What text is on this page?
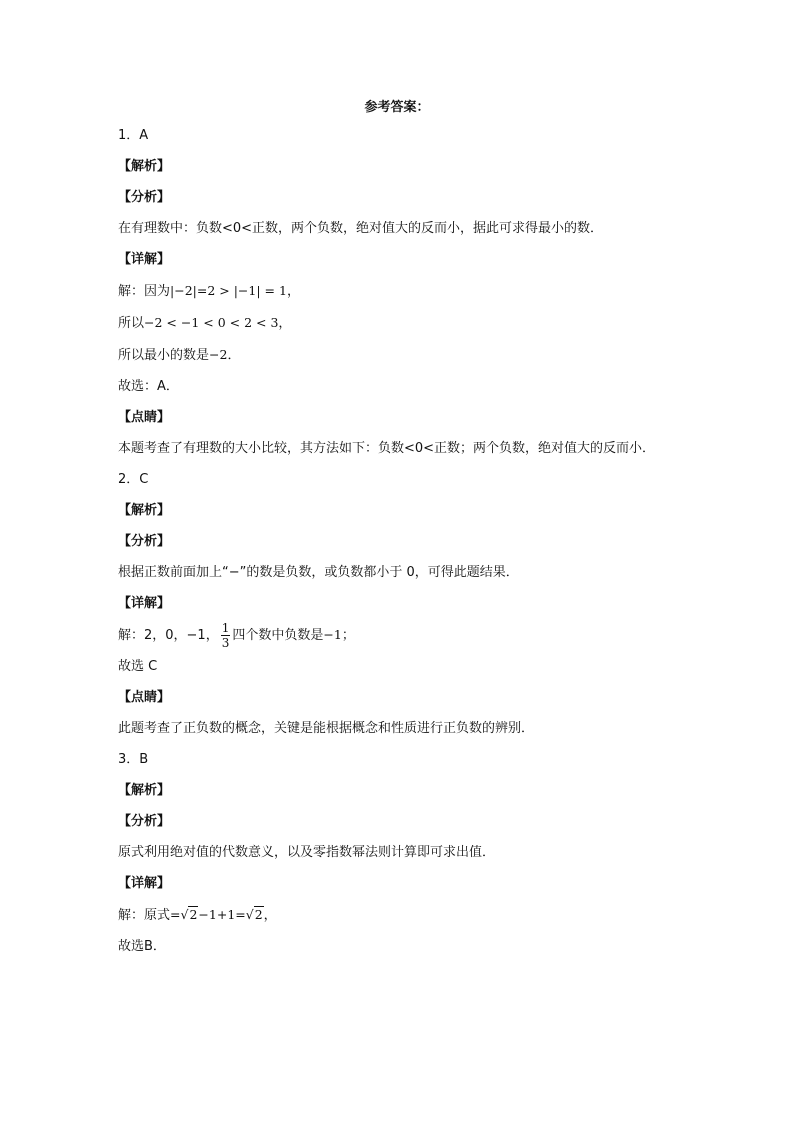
参考答案：
1．A
【解析】
【分析】
在有理数中：负数<0<正数，两个负数，绝对值大的反而小，据此可求得最小的数．
【详解】
解：因为|−2|=2 > |−1| = 1，
所以−2 < −1 < 0 < 2 < 3，
所以最小的数是−2．
故选：A．
【点睛】
本题考查了有理数的大小比较，其方法如下：负数<0<正数；两个负数，绝对值大的反而小．
2．C
【解析】
【分析】
根据正数前面加上“−”的数是负数，或负数都小于 0，可得此题结果．
【详解】
解：2，0，−1， $\frac{1}{3}$ 四个数中负数是−1；
故选 C
【点睛】
此题考查了正负数的概念，关键是能根据概念和性质进行正负数的辨别．
3．B
【解析】
【分析】
原式利用绝对值的代数意义，以及零指数幂法则计算即可求出值．
【详解】
解：原式=√2−1+1=√2，
故选B．
